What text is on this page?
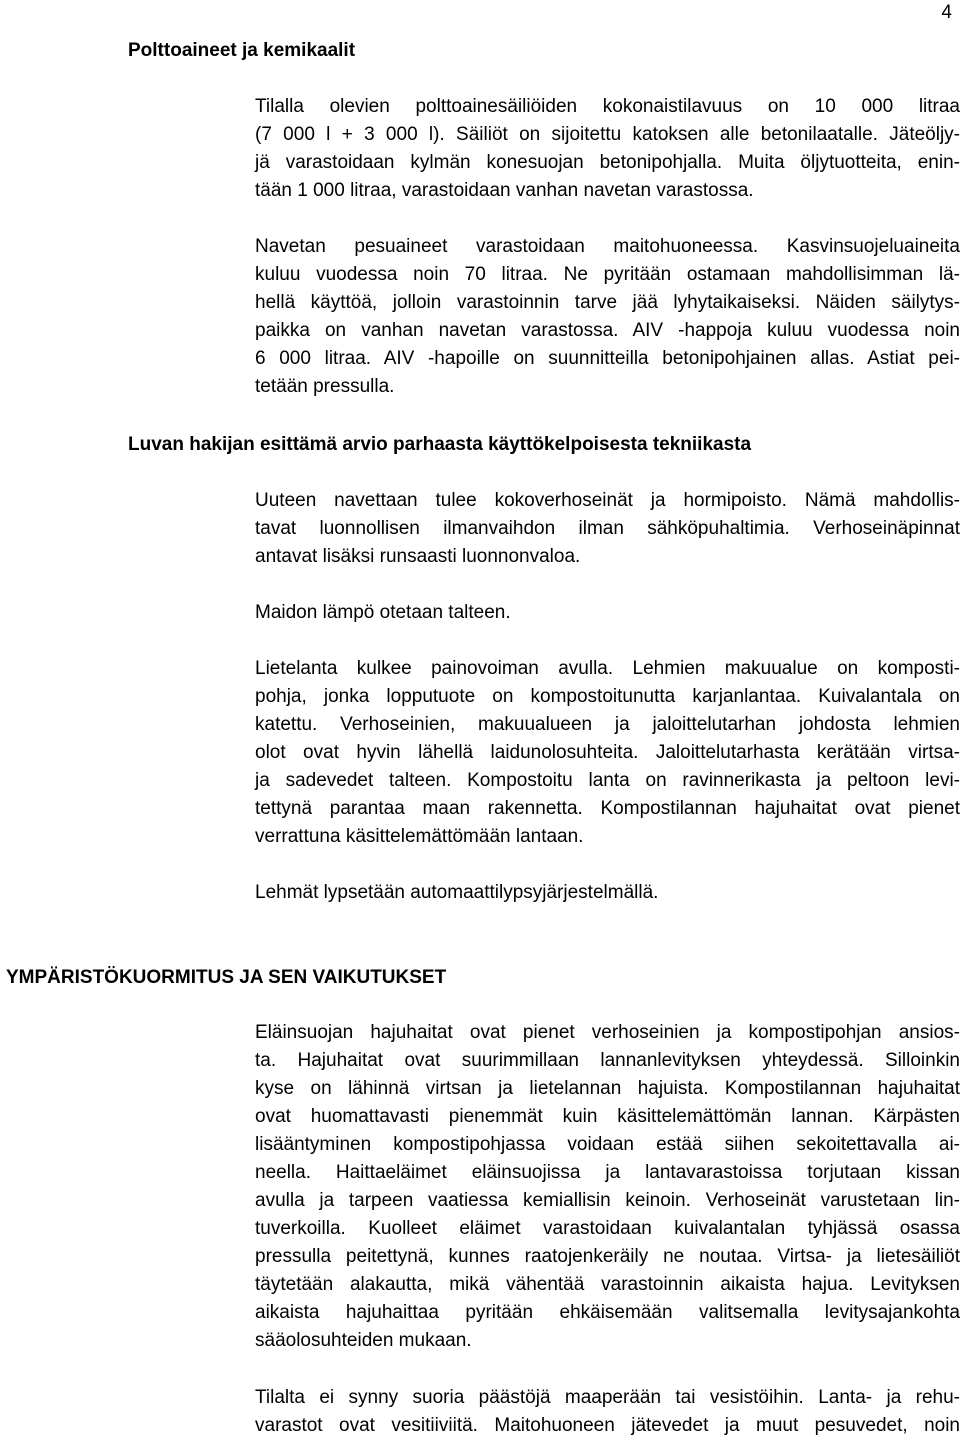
4
Polttoaineet ja kemikaalit
Tilalla olevien polttoainesäiliöiden kokonaistilavuus on 10 000 litraa
(7 000 l + 3 000 l). Säiliöt on sijoitettu katoksen alle betonilaatalle. Jäteöljy-
jä varastoidaan kylmän konesuojan betonipohjalla. Muita öljytuotteita, enin-
tään 1 000 litraa, varastoidaan vanhan navetan varastossa.
Navetan pesuaineet varastoidaan maitohuoneessa. Kasvinsuojeluaineita
kuluu vuodessa noin 70 litraa. Ne pyritään ostamaan mahdollisimman lä-
hellä käyttöä, jolloin varastoinnin tarve jää lyhytaikaiseksi. Näiden säilytys-
paikka on vanhan navetan varastossa. AIV -happoja kuluu vuodessa noin
6 000 litraa. AIV -hapoille on suunnitteilla betonipohjainen allas. Astiat pei-
tetään pressulla.
Luvan hakijan esittämä arvio parhaasta käyttökelpoisesta tekniikasta
Uuteen navettaan tulee kokoverhoseinät ja hormipoisto. Nämä mahdollis-
tavat luonnollisen ilmanvaihdon ilman sähköpuhaltimia. Verhoseinäpinnat
antavat lisäksi runsaasti luonnonvaloa.
Maidon lämpö otetaan talteen.
Lietelanta kulkee painovoiman avulla. Lehmien makuualue on komposti-
pohja, jonka lopputuote on kompostoitunutta karjanlantaa. Kuivalantala on
katettu. Verhoseinien, makuualueen ja jaloittelutarhan johdosta lehmien
olot ovat hyvin lähellä laidunolosuhteita. Jaloittelutarhasta kerätään virtsa-
ja sadevedet talteen. Kompostoitu lanta on ravinnerikasta ja peltoon levi-
tettynä parantaa maan rakennetta. Kompostilannan hajuhaitat ovat pienet
verrattuna käsittelemättömään lantaan.
Lehmät lypsetään automaattilypsyjärjestelmällä.
YMPÄRISTÖKUORMITUS JA SEN VAIKUTUKSET
Eläinsuojan hajuhaitat ovat pienet verhoseinien ja kompostipohjan ansios-
ta. Hajuhaitat ovat suurimmillaan lannanlevityksen yhteydessä. Silloinkin
kyse on lähinnä virtsan ja lietelannan hajuista. Kompostilannan hajuhaitat
ovat huomattavasti pienemmät kuin käsittelemättömän lannan. Kärpästen
lisääntyminen kompostipohjassa voidaan estää siihen sekoitettavalla ai-
neella. Haittaeläimet eläinsuojissa ja lantavarastoissa torjutaan kissan
avulla ja tarpeen vaatiessa kemiallisin keinoin. Verhoseinät varustetaan lin-
tuverkoilla. Kuolleet eläimet varastoidaan kuivalantalan tyhjässä osassa
pressulla peitettynä, kunnes raatojenkeräily ne noutaa. Virtsa- ja lietesäiliöt
täytetään alakautta, mikä vähentää varastoinnin aikaista hajua. Levityksen
aikaista hajuhaittaa pyritään ehkäisemään valitsemalla levitysajankohta
sääolosuhteiden mukaan.
Tilalta ei synny suoria päästöjä maaperään tai vesistöihin. Lanta- ja rehu-
varastot ovat vesitiiviitä. Maitohuoneen jätevedet ja muut pesuvedet, noin
